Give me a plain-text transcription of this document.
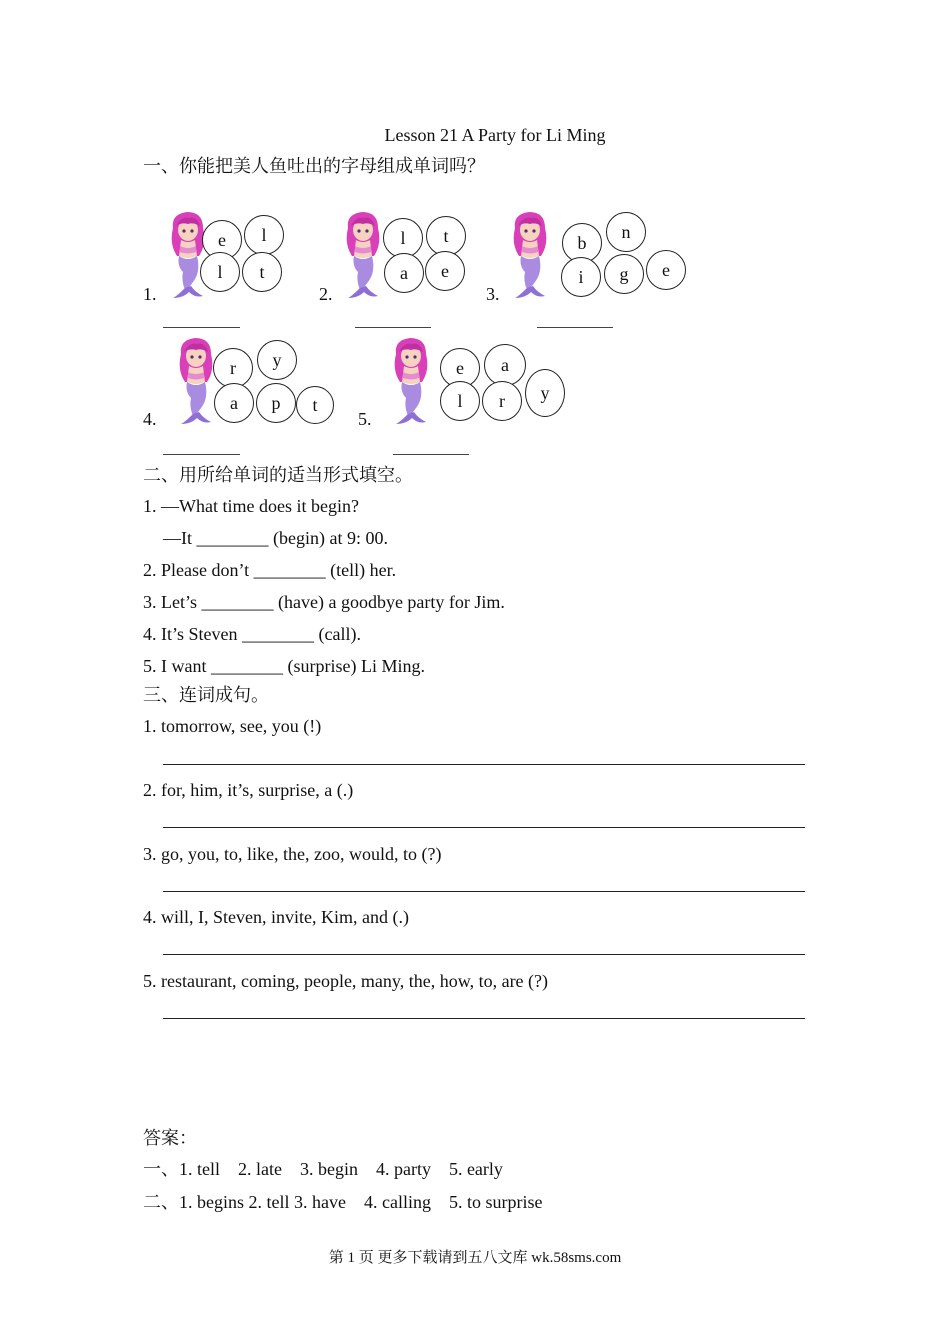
Lesson 21 A Party for Li Ming
一、你能把美人鱼吐出的字母组成单词吗？
1.
e	l
l	t
2.
l	t
a	e
3.
b
n
i	g	e
4.
r	y
a	p	t
5.
e	a
l	r	y
二、用所给单词的适当形式填空。
1. —What time does it begin?
—It ________ (begin) at 9: 00.
2. Please don’t ________ (tell) her.
3. Let’s ________ (have) a goodbye party for Jim.
4. It’s Steven ________ (call).
5. I want ________ (surprise) Li Ming.
三、连词成句。
1. tomorrow, see, you (!)
2. for, him, it’s, surprise, a (.)
3. go, you, to, like, the, zoo, would, to (?)
4. will, I, Steven, invite, Kim, and (.)
5. restaurant, coming, people, many, the, how, to, are (?)
答案：
一、1. tell    2. late    3. begin    4. party    5. early
二、1. begins 2. tell 3. have    4. calling    5. to surprise
第 1 页 更多下载请到五八文库 wk.58sms.com
